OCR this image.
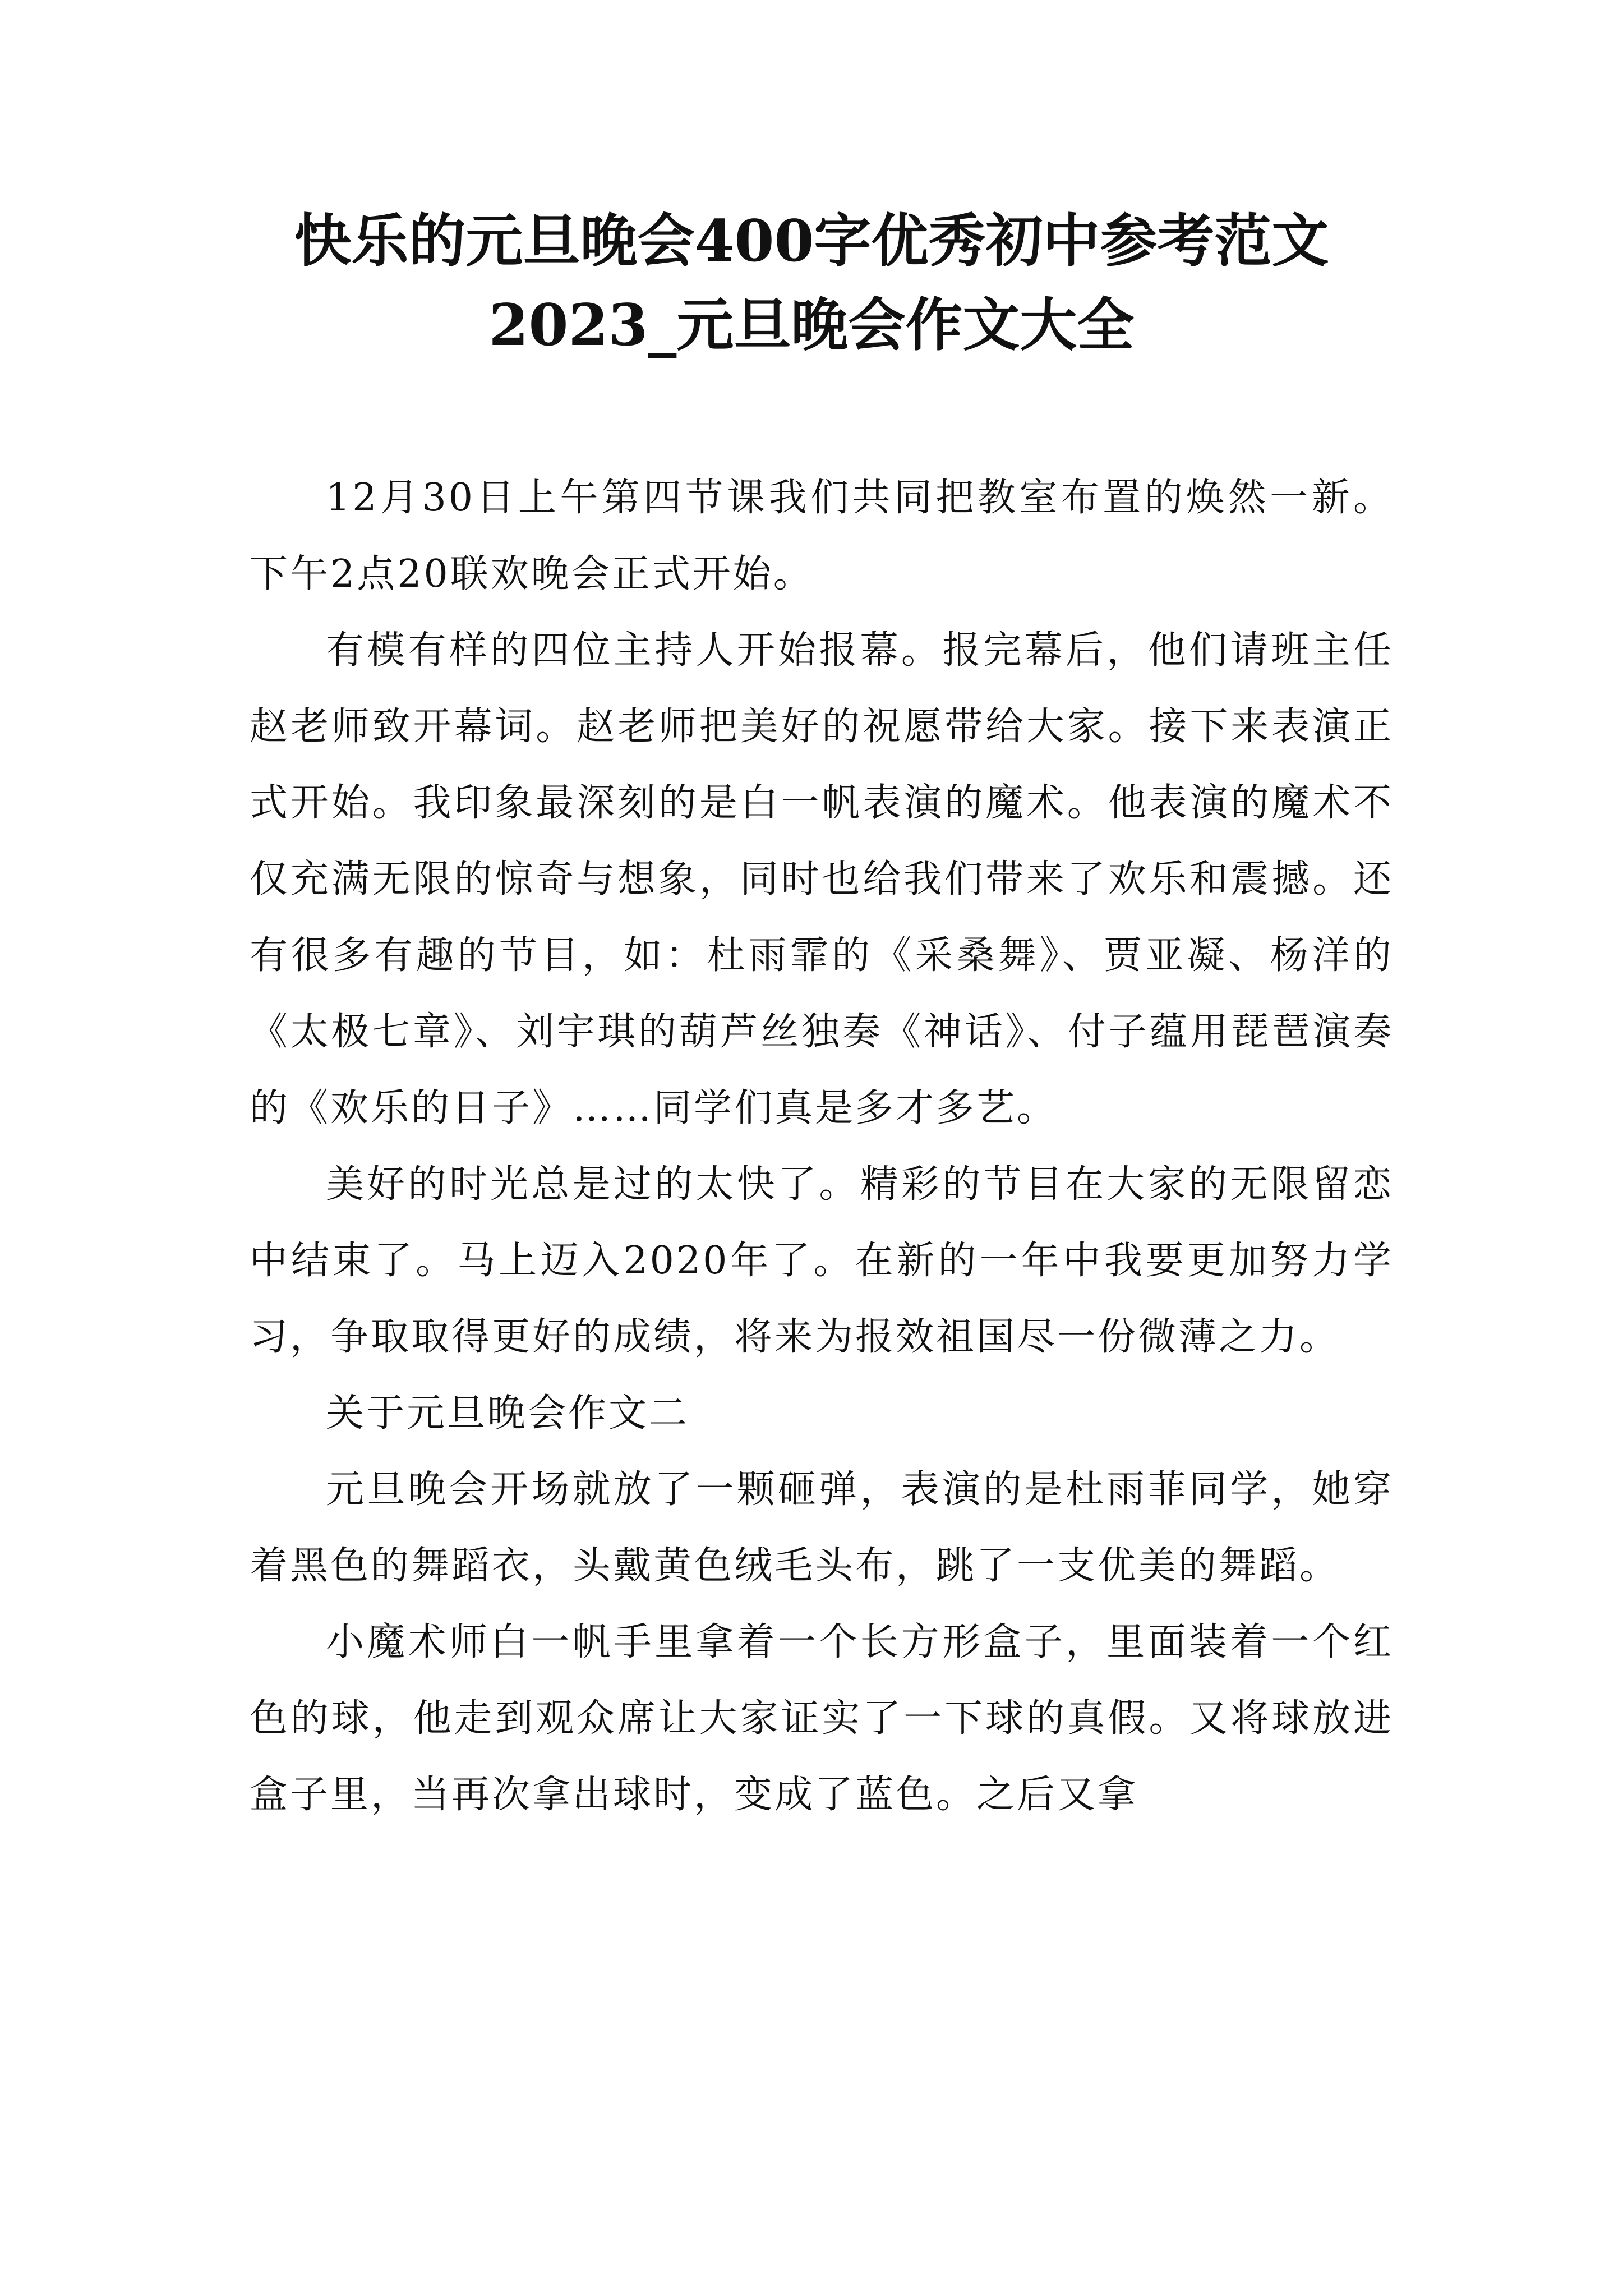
快乐的元旦晚会400字优秀初中参考范文
2023_元旦晚会作文大全

12月30日上午第四节课我们共同把教室布置的焕然一新。下午2点20联欢晚会正式开始。

有模有样的四位主持人开始报幕。报完幕后，他们请班主任赵老师致开幕词。赵老师把美好的祝愿带给大家。接下来表演正式开始。我印象最深刻的是白一帆表演的魔术。他表演的魔术不仅充满无限的惊奇与想象，同时也给我们带来了欢乐和震撼。还有很多有趣的节目，如：杜雨霏的《采桑舞》、贾亚凝、杨洋的《太极七章》、刘宇琪的葫芦丝独奏《神话》、付子蕴用琵琶演奏的《欢乐的日子》……同学们真是多才多艺。

美好的时光总是过的太快了。精彩的节目在大家的无限留恋中结束了。马上迈入2020年了。在新的一年中我要更加努力学习，争取取得更好的成绩，将来为报效祖国尽一份微薄之力。

关于元旦晚会作文二

元旦晚会开场就放了一颗砸弹，表演的是杜雨菲同学，她穿着黑色的舞蹈衣，头戴黄色绒毛头布，跳了一支优美的舞蹈。

小魔术师白一帆手里拿着一个长方形盒子，里面装着一个红色的球，他走到观众席让大家证实了一下球的真假。又将球放进盒子里，当再次拿出球时，变成了蓝色。之后又拿
